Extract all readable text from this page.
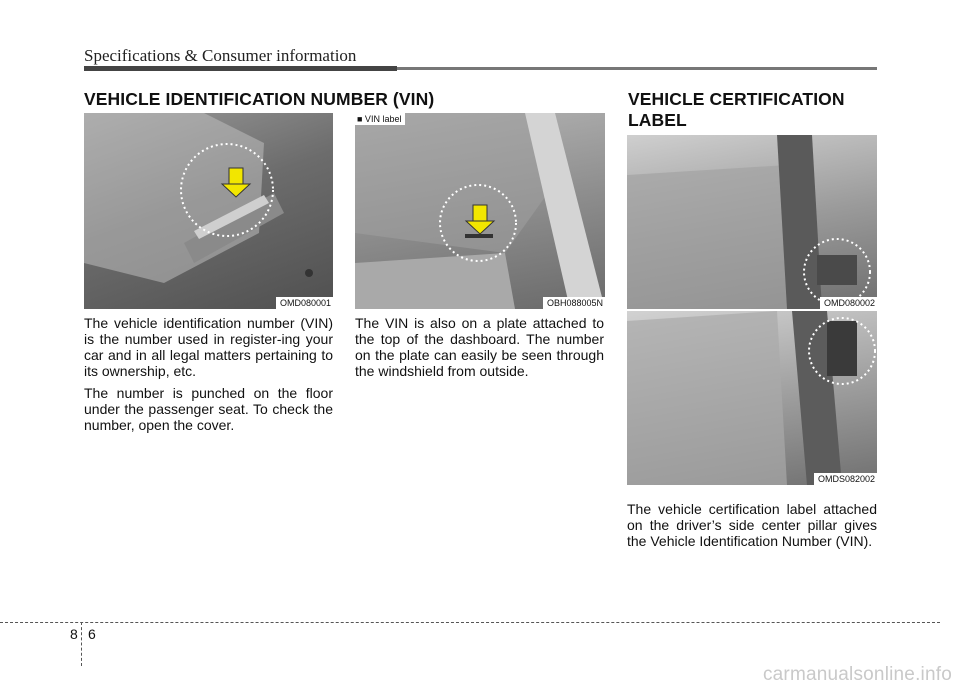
Specifications & Consumer information
VEHICLE IDENTIFICATION NUMBER (VIN)
OMD080001
■ VIN label
OBH088005N

The vehicle identification number (VIN) is the number used in register-ing your car and in all legal matters pertaining to its ownership, etc.

The number is punched on the floor under the passenger seat. To check the number, open the cover.

The VIN is also on a plate attached to the top of the dashboard. The number on the plate can easily be seen through the windshield from outside.

VEHICLE CERTIFICATION
LABEL
OMD080002
OMDS082002

The vehicle certification label attached on the driver’s side center pillar gives the Vehicle Identification Number (VIN).

8 6
carmanualsonline.info
